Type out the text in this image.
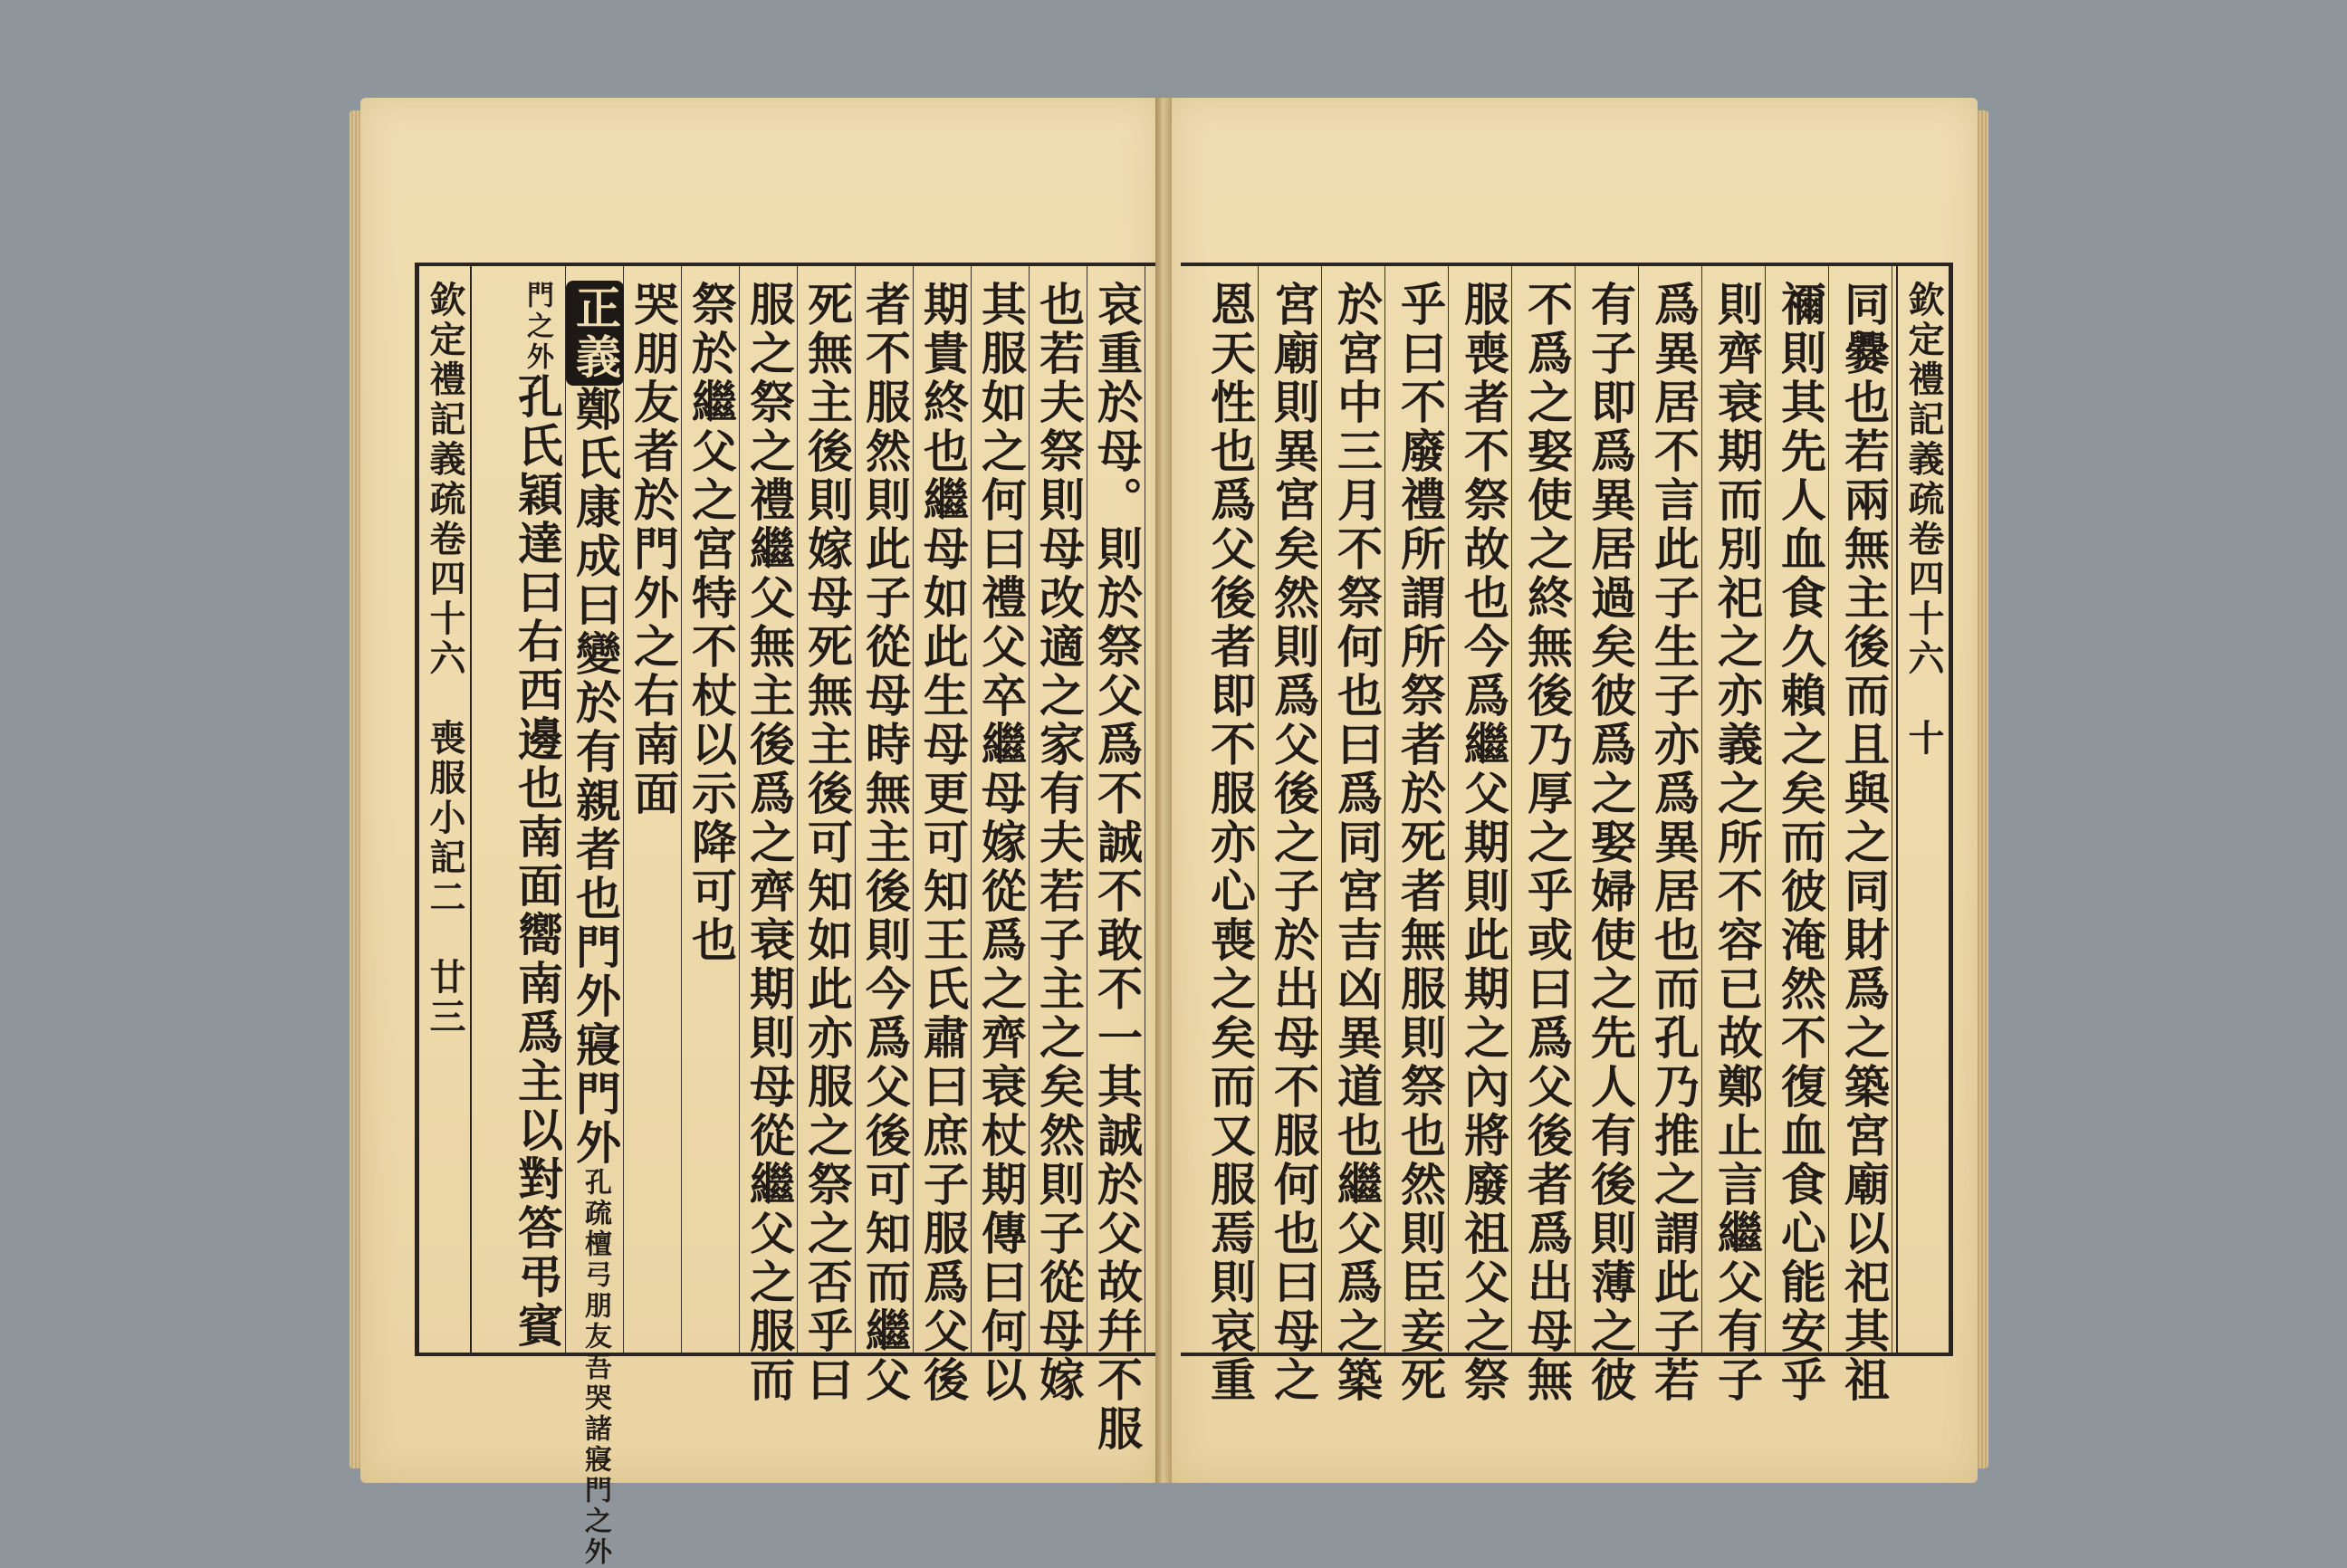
哀重於母。則於祭父爲不誠不敢不一其誠於父故幷不服
也若夫祭則母改適之家有夫若子主之矣然則子從母嫁
其服如之何曰禮父卒繼母嫁從爲之齊衰杖期傳曰何以
期貴終也繼母如此生母更可知王氏肅曰庶子服爲父後
者不服然則此子從母時無主後則今爲父後可知而繼父
死無主後則嫁母死無主後可知如此亦服之祭之否乎曰
服之祭之禮繼父無主後爲之齊衰期則母從繼父之服而
祭於繼父之宮特不杖以示降可也
哭朋友者於門外之右南面
正義鄭氏康成曰變於有親者也門外寢門外孔疏檀弓朋友吾哭諸寢門之外
門之外孔氏穎達曰右西邊也南面嚮南爲主以對答弔賓
欽定禮記義疏卷四十六　喪服小記二　廿三
欽定禮記義疏卷四十六　十
同爨也若兩無主後而且與之同財爲之築宮廟以祀其祖
禰則其先人血食久賴之矣而彼淹然不復血食心能安乎
則齊衰期而別祀之亦義之所不容已故鄭止言繼父有子
爲異居不言此子生子亦爲異居也而孔乃推之謂此子若
有子即爲異居過矣彼爲之娶婦使之先人有後則薄之彼
不爲之娶使之終無後乃厚之乎或曰爲父後者爲出母無
服喪者不祭故也今爲繼父期則此期之內將廢祖父之祭
乎曰不廢禮所謂所祭者於死者無服則祭也然則臣妾死
於宮中三月不祭何也曰爲同宮吉凶異道也繼父爲之築
宮廟則異宮矣然則爲父後之子於出母不服何也曰母之
恩天性也爲父後者即不服亦心喪之矣而又服焉則哀重
